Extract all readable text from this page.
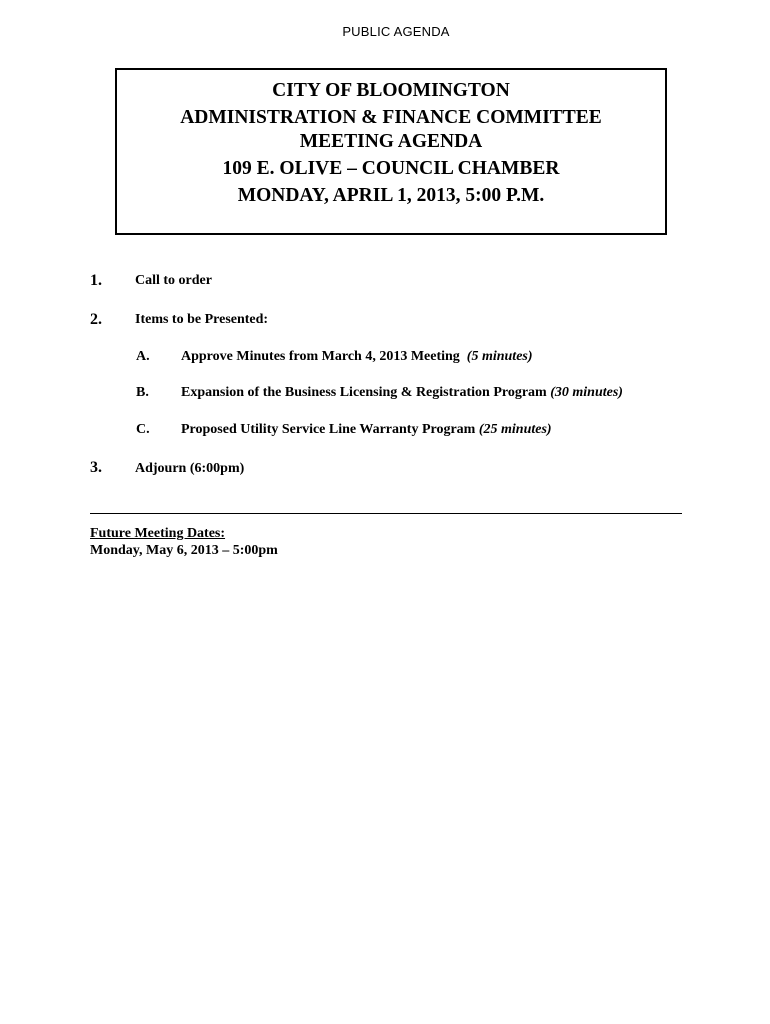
PUBLIC AGENDA
CITY OF BLOOMINGTON
ADMINISTRATION & FINANCE COMMITTEE
MEETING AGENDA
109 E. OLIVE – COUNCIL CHAMBER
MONDAY, APRIL 1, 2013, 5:00 P.M.
1. Call to order
2. Items to be Presented:
A. Approve Minutes from March 4, 2013 Meeting (5 minutes)
B. Expansion of the Business Licensing & Registration Program (30 minutes)
C. Proposed Utility Service Line Warranty Program (25 minutes)
3. Adjourn (6:00pm)
Future Meeting Dates:
Monday, May 6, 2013 – 5:00pm
